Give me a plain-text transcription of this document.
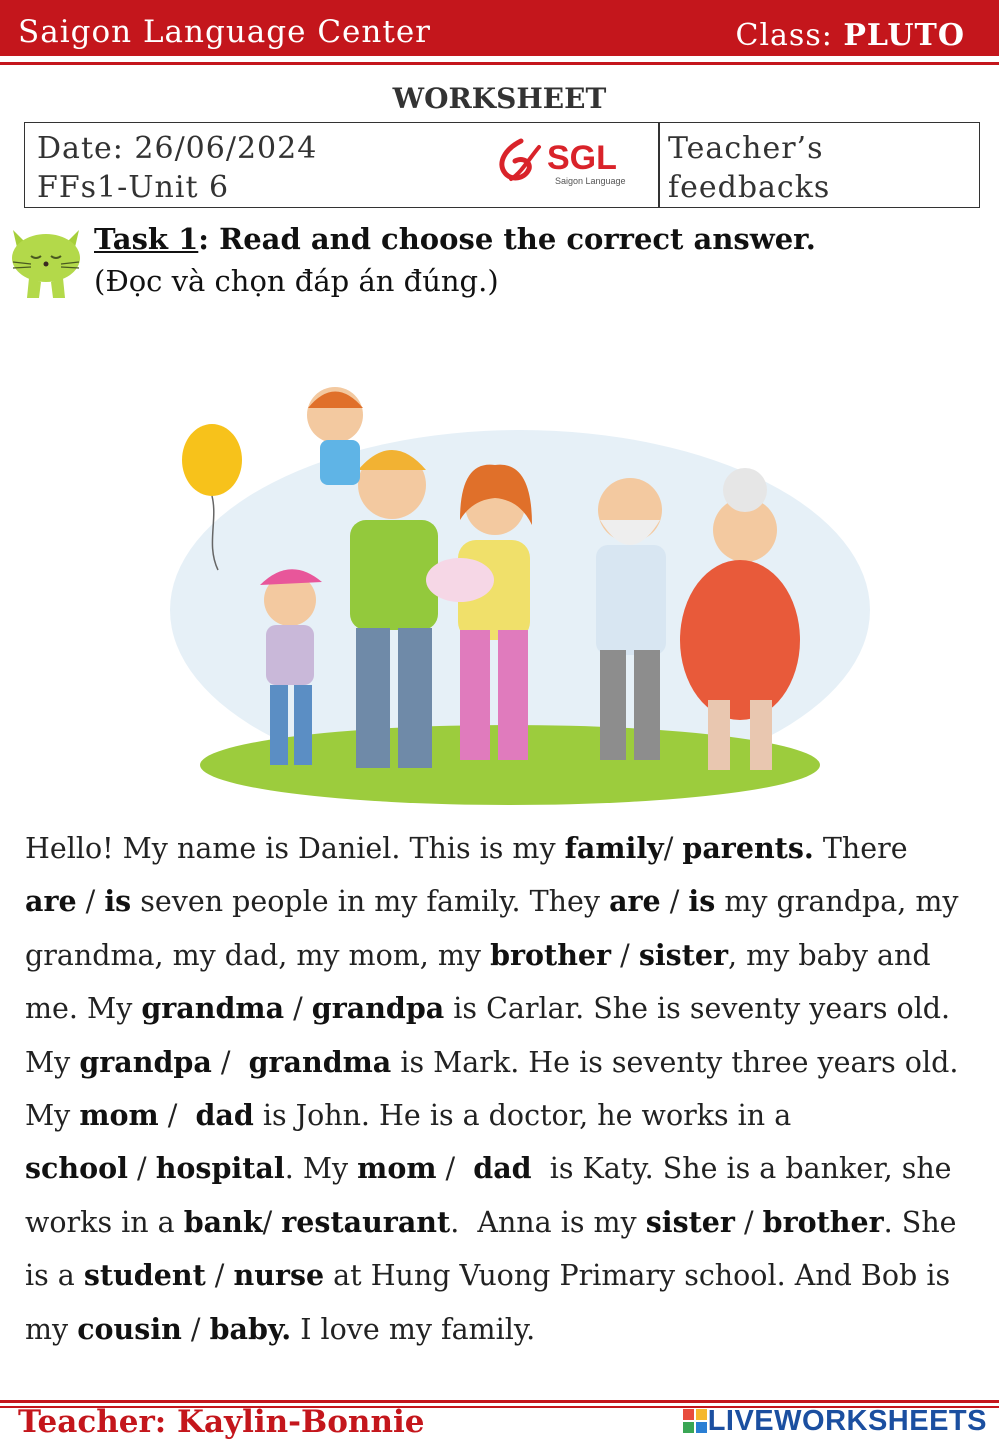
Saigon Language Center	Class: PLUTO
WORKSHEET
Date: 26/06/2024
FFs1-Unit 6
SGL
Saigon Language
Teacher’s
feedbacks
Task 1: Read and choose the correct answer.
(Đọc và chọn đáp án đúng.)
Hello! My name is Daniel. This is my family/ parents. There
are / is seven people in my family. They are / is my grandpa, my
grandma, my dad, my mom, my brother / sister, my baby and
me. My grandma / grandpa is Carlar. She is seventy years old.
My grandpa /  grandma is Mark. He is seventy three years old.
My mom /  dad is John. He is a doctor, he works in a
school / hospital. My mom /  dad  is Katy. She is a banker, she
works in a bank/ restaurant.  Anna is my sister / brother. She
is a student / nurse at Hung Vuong Primary school. And Bob is
my cousin / baby. I love my family.
Teacher: Kaylin-Bonnie	LIVEWORKSHEETS
